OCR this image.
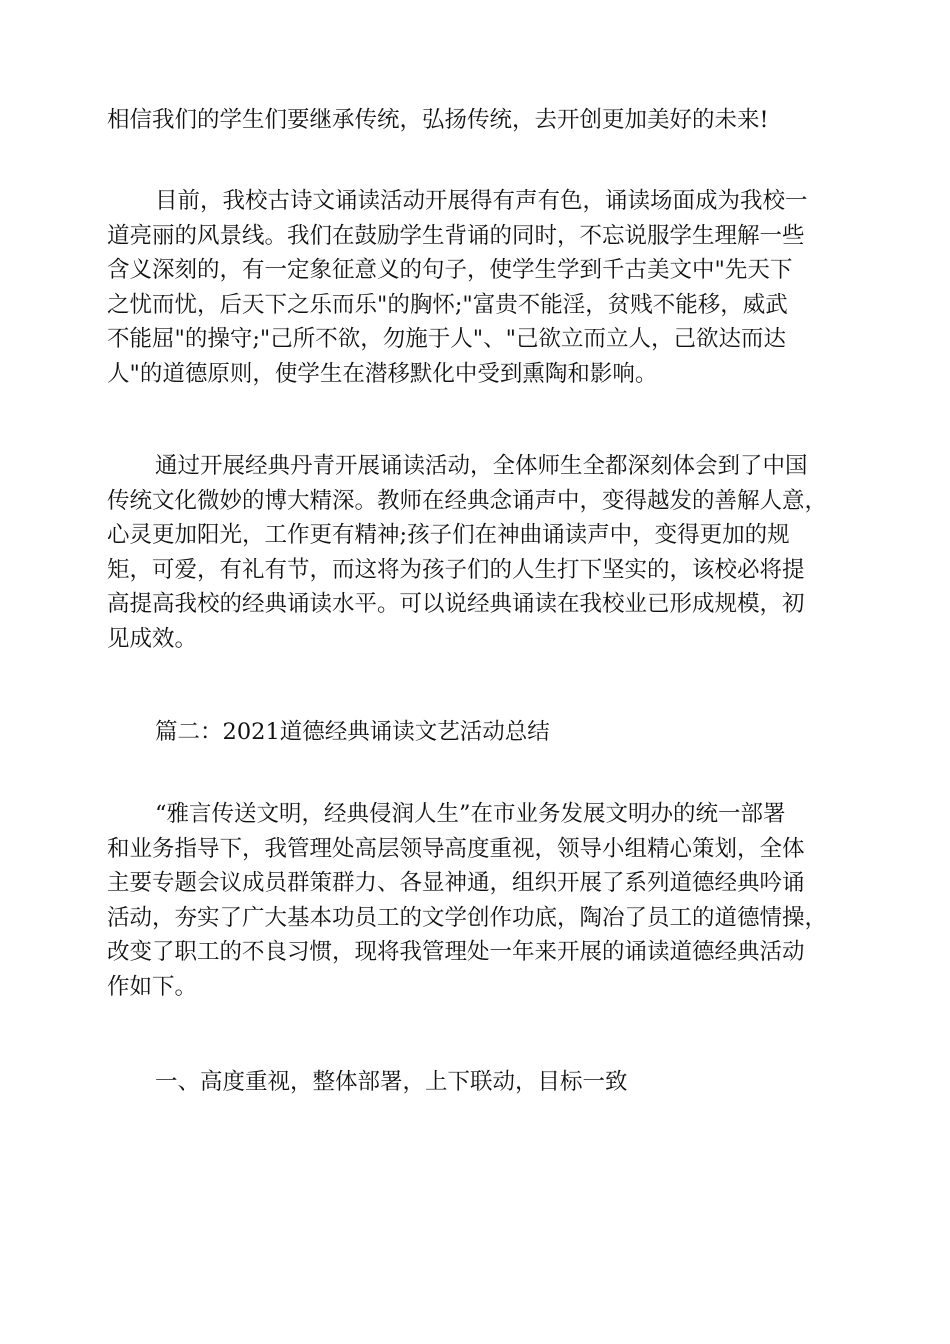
相信我们的学生们要继承传统，弘扬传统，去开创更加美好的未来!

目前，我校古诗文诵读活动开展得有声有色，诵读场面成为我校一
道亮丽的风景线。我们在鼓励学生背诵的同时，不忘说服学生理解一些
含义深刻的，有一定象征意义的句子，使学生学到千古美文中"先天下
之忧而忧，后天下之乐而乐"的胸怀;"富贵不能淫，贫贱不能移，威武
不能屈"的操守;"己所不欲，勿施于人"、"己欲立而立人，己欲达而达
人"的道德原则，使学生在潜移默化中受到熏陶和影响。

通过开展经典丹青开展诵读活动，全体师生全都深刻体会到了中国
传统文化微妙的博大精深。教师在经典念诵声中，变得越发的善解人意，
心灵更加阳光，工作更有精神;孩子们在神曲诵读声中，变得更加的规
矩，可爱，有礼有节，而这将为孩子们的人生打下坚实的，该校必将提
高提高我校的经典诵读水平。可以说经典诵读在我校业已形成规模，初
见成效。

篇二：2021道德经典诵读文艺活动总结

“雅言传送文明，经典侵润人生”在市业务发展文明办的统一部署
和业务指导下，我管理处高层领导高度重视，领导小组精心策划，全体
主要专题会议成员群策群力、各显神通，组织开展了系列道德经典吟诵
活动，夯实了广大基本功员工的文学创作功底，陶冶了员工的道德情操，
改变了职工的不良习惯，现将我管理处一年来开展的诵读道德经典活动
作如下。

一、高度重视，整体部署，上下联动，目标一致
